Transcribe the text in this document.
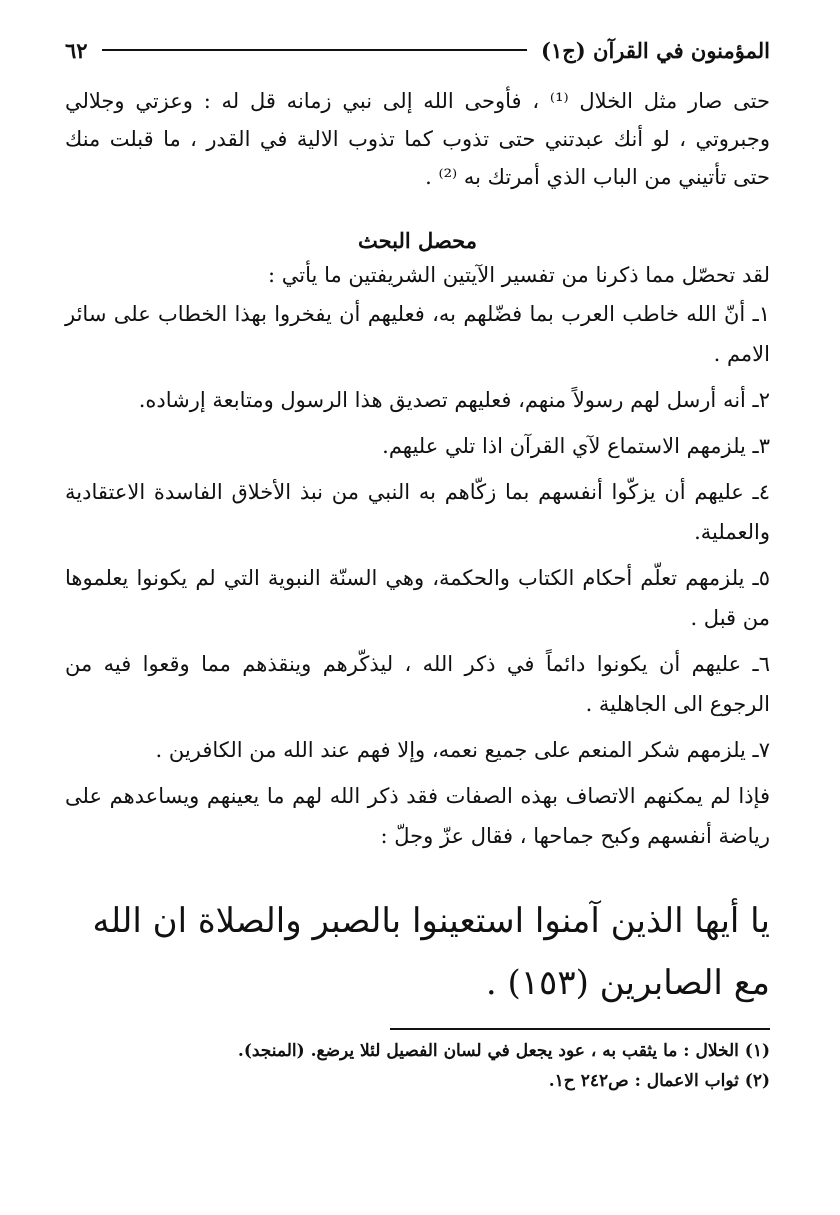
المؤمنون في القرآن (ج١)
٦٢

حتى صار مثل الخلال ⁽¹⁾ ، فأوحى الله إلى نبي زمانه قل له : وعزتي وجلالي وجبروتي ، لو أنك عبدتني حتى تذوب كما تذوب الالية في القدر ، ما قبلت منك حتى تأتيني من الباب الذي أمرتك به ⁽²⁾ .

محصل البحث

لقد تحصّل مما ذكرنا من تفسير الآيتين الشريفتين ما يأتي :

١ـ أنّ الله خاطب العرب بما فضّلهم به، فعليهم أن يفخروا بهذا الخطاب على سائر الامم .

٢ـ أنه أرسل لهم رسولاً منهم، فعليهم تصديق هذا الرسول ومتابعة إرشاده.

٣ـ يلزمهم الاستماع لآي القرآن اذا تلي عليهم.

٤ـ عليهم أن يزكّوا أنفسهم بما زكّاهم به النبي من نبذ الأخلاق الفاسدة الاعتقادية والعملية.

٥ـ يلزمهم تعلّم أحكام الكتاب والحكمة، وهي السنّة النبوية التي لم يكونوا يعلموها من قبل .

٦ـ عليهم أن يكونوا دائماً في ذكر الله ، ليذكّرهم وينقذهم مما وقعوا فيه من الرجوع الى الجاهلية .

٧ـ يلزمهم شكر المنعم على جميع نعمه، وإلا فهم عند الله من الكافرين .

فإذا لم يمكنهم الاتصاف بهذه الصفات فقد ذكر الله لهم ما يعينهم ويساعدهم على رياضة أنفسهم وكبح جماحها ، فقال عزّ وجلّ :

يا أيها الذين آمنوا استعينوا بالصبر والصلاة ان الله مع الصابرين (١٥٣) .

(١) الخلال : ما يثقب به ، عود يجعل في لسان الفصيل لئلا يرضع. (المنجد).

(٢) ثواب الاعمال : ص٢٤٢ ح١.
